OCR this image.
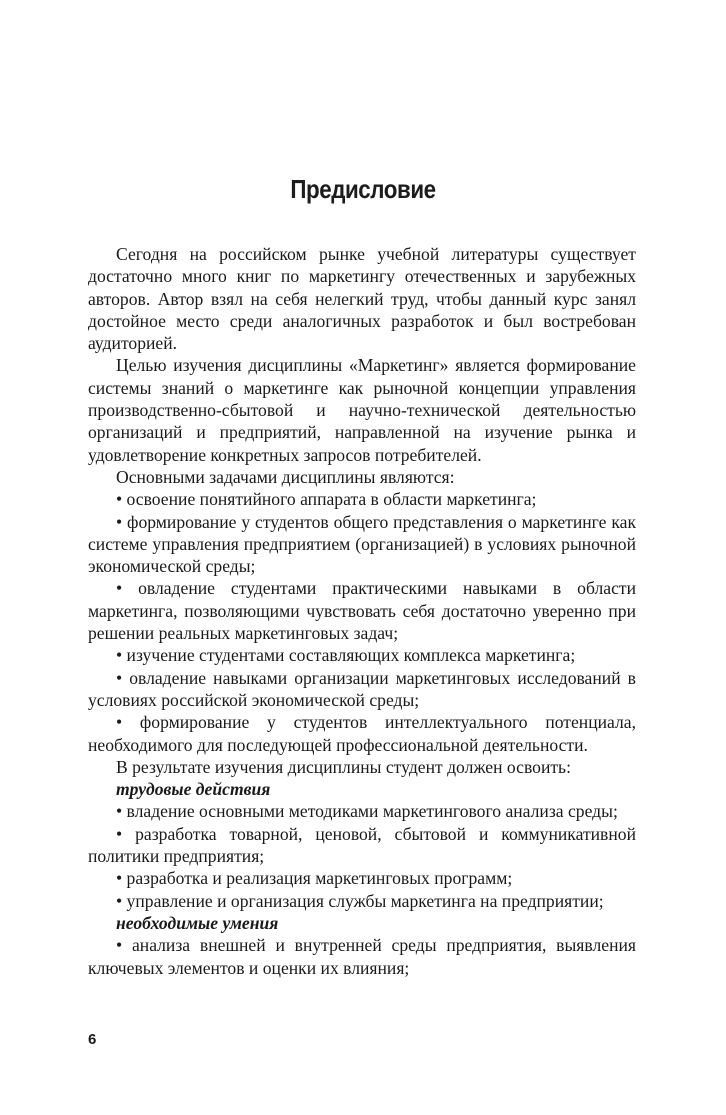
Предисловие

Сегодня на российском рынке учебной литературы существует достаточно много книг по маркетингу отечественных и зарубежных авторов. Автор взял на себя нелегкий труд, чтобы данный курс занял достойное место среди аналогичных разработок и был востребован аудиторией.

Целью изучения дисциплины «Маркетинг» является формирование системы знаний о маркетинге как рыночной концепции управления производственно-сбытовой и научно-технической деятельностью организаций и предприятий, направленной на изучение рынка и удовлетворение конкретных запросов потребителей.

Основными задачами дисциплины являются:

• освоение понятийного аппарата в области маркетинга;

• формирование у студентов общего представления о маркетинге как системе управления предприятием (организацией) в условиях рыночной экономической среды;

• овладение студентами практическими навыками в области маркетинга, позволяющими чувствовать себя достаточно уверенно при решении реальных маркетинговых задач;

• изучение студентами составляющих комплекса маркетинга;

• овладение навыками организации маркетинговых исследований в условиях российской экономической среды;

• формирование у студентов интеллектуального потенциала, необходимого для последующей профессиональной деятельности.

В результате изучения дисциплины студент должен освоить:

трудовые действия

• владение основными методиками маркетингового анализа среды;

• разработка товарной, ценовой, сбытовой и коммуникативной политики предприятия;

• разработка и реализация маркетинговых программ;

• управление и организация службы маркетинга на предприятии;

необходимые умения

• анализа внешней и внутренней среды предприятия, выявления ключевых элементов и оценки их влияния;

6
